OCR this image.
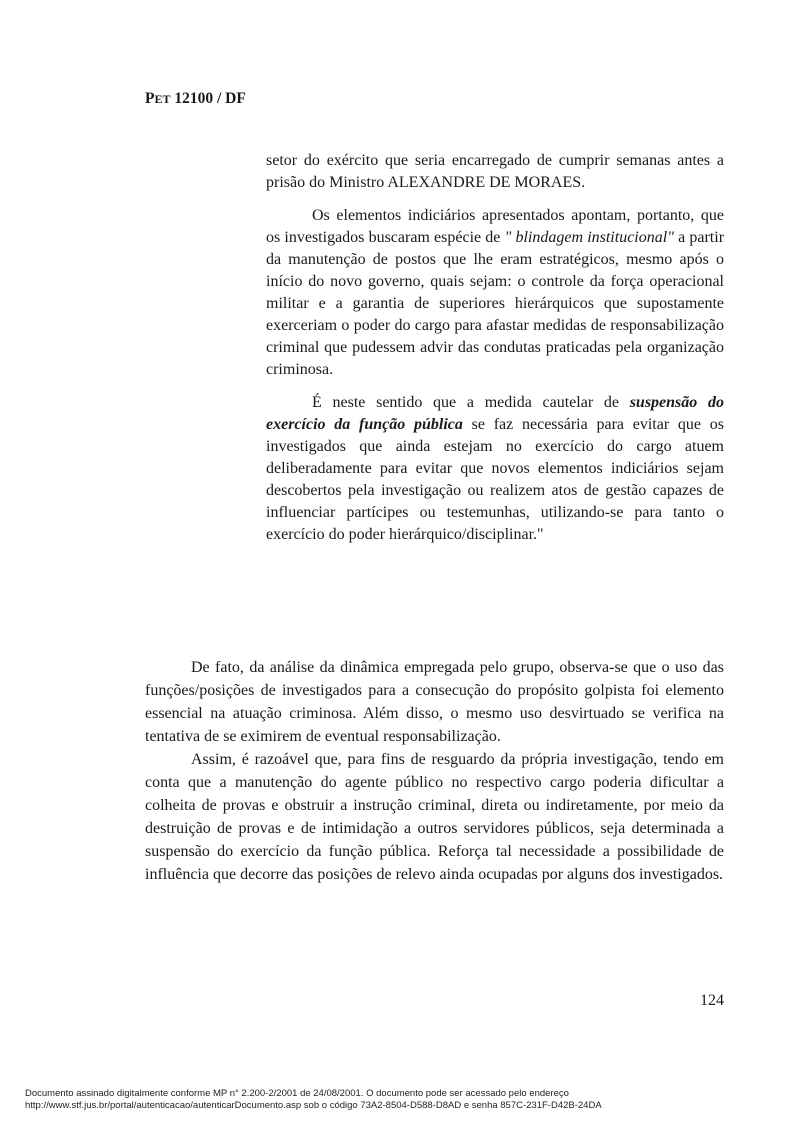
PET 12100 / DF

setor do exército que seria encarregado de cumprir semanas antes a prisão do Ministro ALEXANDRE DE MORAES.

Os elementos indiciários apresentados apontam, portanto, que os investigados buscaram espécie de " blindagem institucional" a partir da manutenção de postos que lhe eram estratégicos, mesmo após o início do novo governo, quais sejam: o controle da força operacional militar e a garantia de superiores hierárquicos que supostamente exerceriam o poder do cargo para afastar medidas de responsabilização criminal que pudessem advir das condutas praticadas pela organização criminosa.

É neste sentido que a medida cautelar de suspensão do exercício da função pública se faz necessária para evitar que os investigados que ainda estejam no exercício do cargo atuem deliberadamente para evitar que novos elementos indiciários sejam descobertos pela investigação ou realizem atos de gestão capazes de influenciar partícipes ou testemunhas, utilizando-se para tanto o exercício do poder hierárquico/disciplinar."

De fato, da análise da dinâmica empregada pelo grupo, observa-se que o uso das funções/posições de investigados para a consecução do propósito golpista foi elemento essencial na atuação criminosa. Além disso, o mesmo uso desvirtuado se verifica na tentativa de se eximirem de eventual responsabilização.

Assim, é razoável que, para fins de resguardo da própria investigação, tendo em conta que a manutenção do agente público no respectivo cargo poderia dificultar a colheita de provas e obstruir a instrução criminal, direta ou indiretamente, por meio da destruição de provas e de intimidação a outros servidores públicos, seja determinada a suspensão do exercício da função pública. Reforça tal necessidade a possibilidade de influência que decorre das posições de relevo ainda ocupadas por alguns dos investigados.

124
Documento assinado digitalmente conforme MP n° 2.200-2/2001 de 24/08/2001. O documento pode ser acessado pelo endereço
http://www.stf.jus.br/portal/autenticacao/autenticarDocumento.asp sob o código 73A2-8504-D588-D8AD e senha 857C-231F-D42B-24DA
